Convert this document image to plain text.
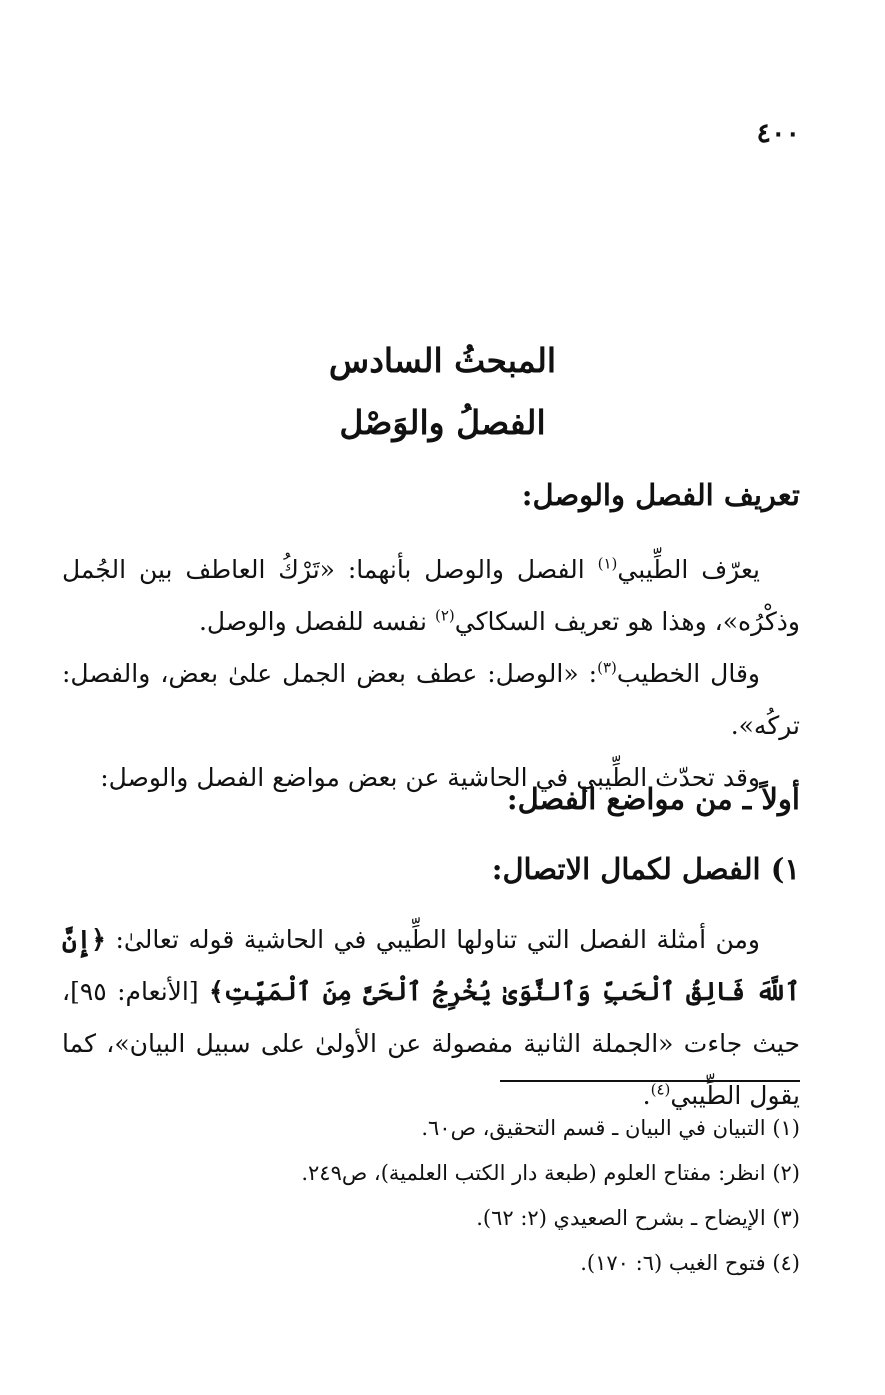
٤٠٠
المبحثُ السادس
الفصلُ والوَصْل
تعريف الفصل والوصل:

يعرّف الطِّيبي$^{(١)}$ الفصل والوصل بأنهما: «تَرْكُ العاطف بين الجُمل وذكْرُه»، وهذا هو تعريف السكاكي$^{(٢)}$ نفسه للفصل والوصل.

وقال الخطيب$^{(٣)}$: «الوصل: عطف بعض الجمل علىٰ بعض، والفصل: تركُه».

وقد تحدّث الطِّيبي في الحاشية عن بعض مواضع الفصل والوصل:

أولاً ـ من مواضع الفصل:
١) الفصل لكمال الاتصال:

ومن أمثلة الفصل التي تناولها الطِّيبي في الحاشية قوله تعالىٰ: ﴿إِنَّ ٱللَّهَ فَالِقُ ٱلْحَبِّ وَٱلنَّوَىٰ يُخْرِجُ ٱلْحَىَّ مِنَ ٱلْمَيِّتِ﴾ [الأنعام: ٩٥]، حيث جاءت «الجملة الثانية مفصولة عن الأولىٰ على سبيل البيان»، كما يقول الطِّيبي$^{(٤)}$.

(١) التبيان في البيان ـ قسم التحقيق، ص٦٠.

(٢) انظر: مفتاح العلوم (طبعة دار الكتب العلمية)، ص٢٤٩.

(٣) الإيضاح ـ بشرح الصعيدي (٢: ٦٢).

(٤) فتوح الغيب (٦: ١٧٠).
